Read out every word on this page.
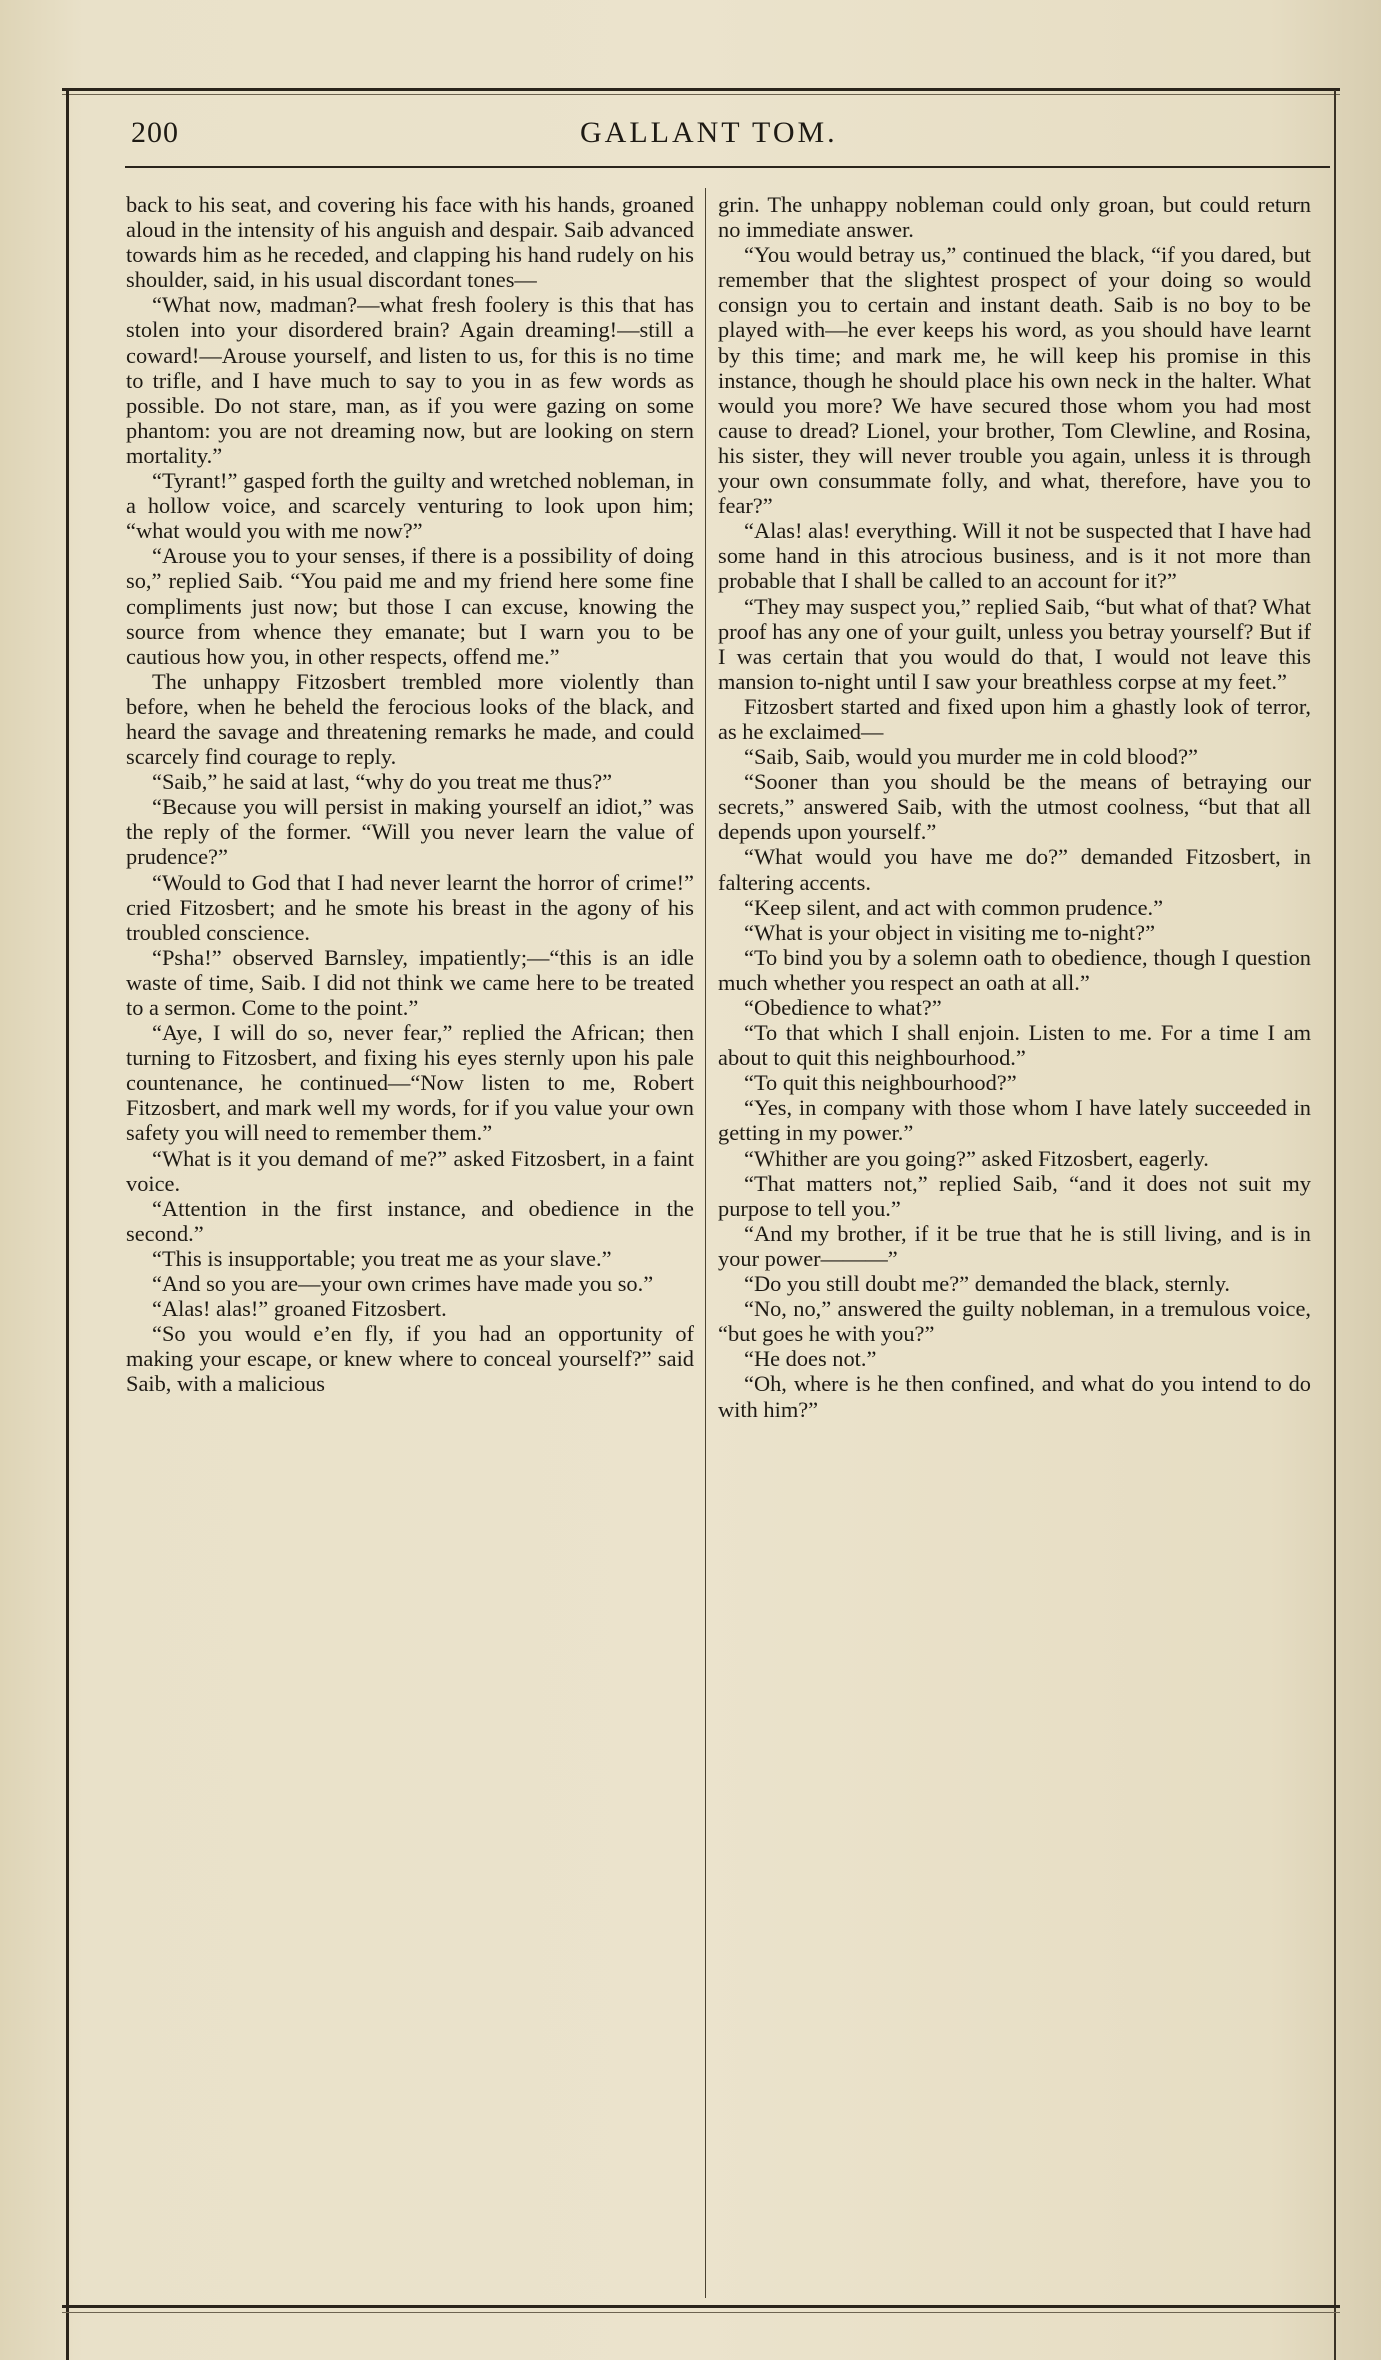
200	GALLANT TOM.

back to his seat, and covering his face with his hands, groaned aloud in the intensity of his anguish and despair. Saib advanced towards him as he receded, and clapping his hand rudely on his shoulder, said, in his usual discordant tones—

“What now, madman?—what fresh foolery is this that has stolen into your disordered brain? Again dreaming!—still a coward!—Arouse yourself, and listen to us, for this is no time to trifle, and I have much to say to you in as few words as possible. Do not stare, man, as if you were gazing on some phantom: you are not dreaming now, but are looking on stern mortality.”

“Tyrant!” gasped forth the guilty and wretched nobleman, in a hollow voice, and scarcely venturing to look upon him; “what would you with me now?”

“Arouse you to your senses, if there is a possibility of doing so,” replied Saib. “You paid me and my friend here some fine compliments just now; but those I can excuse, knowing the source from whence they emanate; but I warn you to be cautious how you, in other respects, offend me.”

The unhappy Fitzosbert trembled more violently than before, when he beheld the ferocious looks of the black, and heard the savage and threatening remarks he made, and could scarcely find courage to reply.

“Saib,” he said at last, “why do you treat me thus?”

“Because you will persist in making yourself an idiot,” was the reply of the former. “Will you never learn the value of prudence?”

“Would to God that I had never learnt the horror of crime!” cried Fitzosbert; and he smote his breast in the agony of his troubled conscience.

“Psha!” observed Barnsley, impatiently;—“this is an idle waste of time, Saib. I did not think we came here to be treated to a sermon. Come to the point.”

“Aye, I will do so, never fear,” replied the African; then turning to Fitzosbert, and fixing his eyes sternly upon his pale countenance, he continued—“Now listen to me, Robert Fitzosbert, and mark well my words, for if you value your own safety you will need to remember them.”

“What is it you demand of me?” asked Fitzosbert, in a faint voice.

“Attention in the first instance, and obedience in the second.”

“This is insupportable; you treat me as your slave.”

“And so you are—your own crimes have made you so.”

“Alas! alas!” groaned Fitzosbert.

“So you would e’en fly, if you had an opportunity of making your escape, or knew where to conceal yourself?” said Saib, with a malicious

grin. The unhappy nobleman could only groan, but could return no immediate answer.

“You would betray us,” continued the black, “if you dared, but remember that the slightest prospect of your doing so would consign you to certain and instant death. Saib is no boy to be played with—he ever keeps his word, as you should have learnt by this time; and mark me, he will keep his promise in this instance, though he should place his own neck in the halter. What would you more? We have secured those whom you had most cause to dread? Lionel, your brother, Tom Clewline, and Rosina, his sister, they will never trouble you again, unless it is through your own consummate folly, and what, therefore, have you to fear?”

“Alas! alas! everything. Will it not be suspected that I have had some hand in this atrocious business, and is it not more than probable that I shall be called to an account for it?”

“They may suspect you,” replied Saib, “but what of that? What proof has any one of your guilt, unless you betray yourself? But if I was certain that you would do that, I would not leave this mansion to-night until I saw your breathless corpse at my feet.”

Fitzosbert started and fixed upon him a ghastly look of terror, as he exclaimed—

“Saib, Saib, would you murder me in cold blood?”

“Sooner than you should be the means of betraying our secrets,” answered Saib, with the utmost coolness, “but that all depends upon yourself.”

“What would you have me do?” demanded Fitzosbert, in faltering accents.

“Keep silent, and act with common prudence.”

“What is your object in visiting me to-night?”

“To bind you by a solemn oath to obedience, though I question much whether you respect an oath at all.”

“Obedience to what?”

“To that which I shall enjoin. Listen to me. For a time I am about to quit this neighbourhood.”

“To quit this neighbourhood?”

“Yes, in company with those whom I have lately succeeded in getting in my power.”

“Whither are you going?” asked Fitzosbert, eagerly.

“That matters not,” replied Saib, “and it does not suit my purpose to tell you.”

“And my brother, if it be true that he is still living, and is in your power———”

“Do you still doubt me?” demanded the black, sternly.

“No, no,” answered the guilty nobleman, in a tremulous voice, “but goes he with you?”

“He does not.”

“Oh, where is he then confined, and what do you intend to do with him?”
